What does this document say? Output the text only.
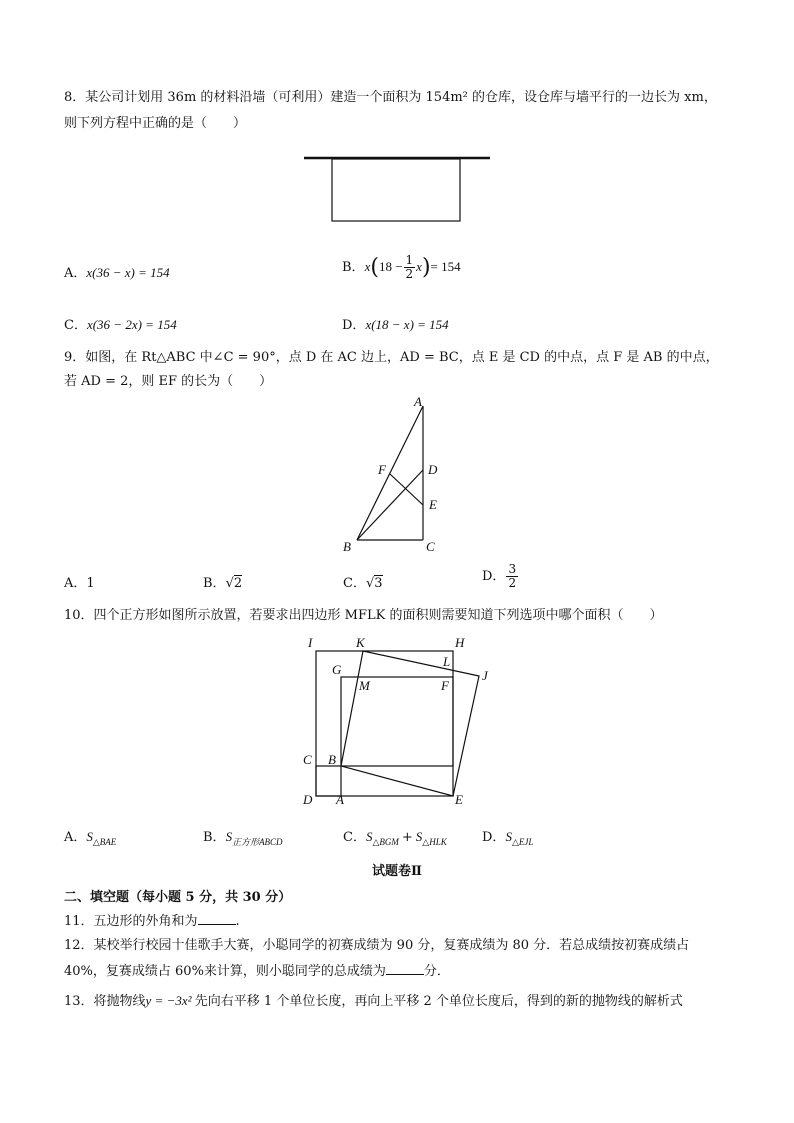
8．某公司计划用 36m 的材料沿墙（可利用）建造一个面积为 154m² 的仓库，设仓库与墙平行的一边长为 xm，
则下列方程中正确的是（　　）
A．x(36 − x) = 154	B．$x(18 - \frac{1}{2} x)= 154$
C．x(36 − 2x) = 154	D．x(18 − x) = 154
9．如图，在 Rt△ABC 中∠C = 90°，点 D 在 AC 边上，AD = BC，点 E 是 CD 的中点，点 F 是 AB 的中点，
若 AD = 2，则 EF 的长为（　　）
A
F	D
E
B	C
A．1	B．√2	C．√3	D． $\frac{3}{2}$
10．四个正方形如图所示放置，若要求出四边形 MFLK 的面积则需要知道下列选项中哪个面积（　　）
I	K	H
G
L
J
M	F
C B
D A	E
A．$S_{\triangle BAE}$	B．$S_{正方形ABCD}$	C．$S_{\triangle BGM} + S_{\triangle HLK}$	D．$S_{\triangle EJL}$
试题卷Ⅱ
二、填空题（每小题 5 分，共 30 分）
11．五边形的外角和为	.
12．某校举行校园十佳歌手大赛，小聪同学的初赛成绩为 90 分，复赛成绩为 80 分．若总成绩按初赛成绩占
40%，复赛成绩占 60%来计算，则小聪同学的总成绩为	分．
13．将抛物线y = −3x² 先向右平移 1 个单位长度，再向上平移 2 个单位长度后，得到的新的抛物线的解析式
